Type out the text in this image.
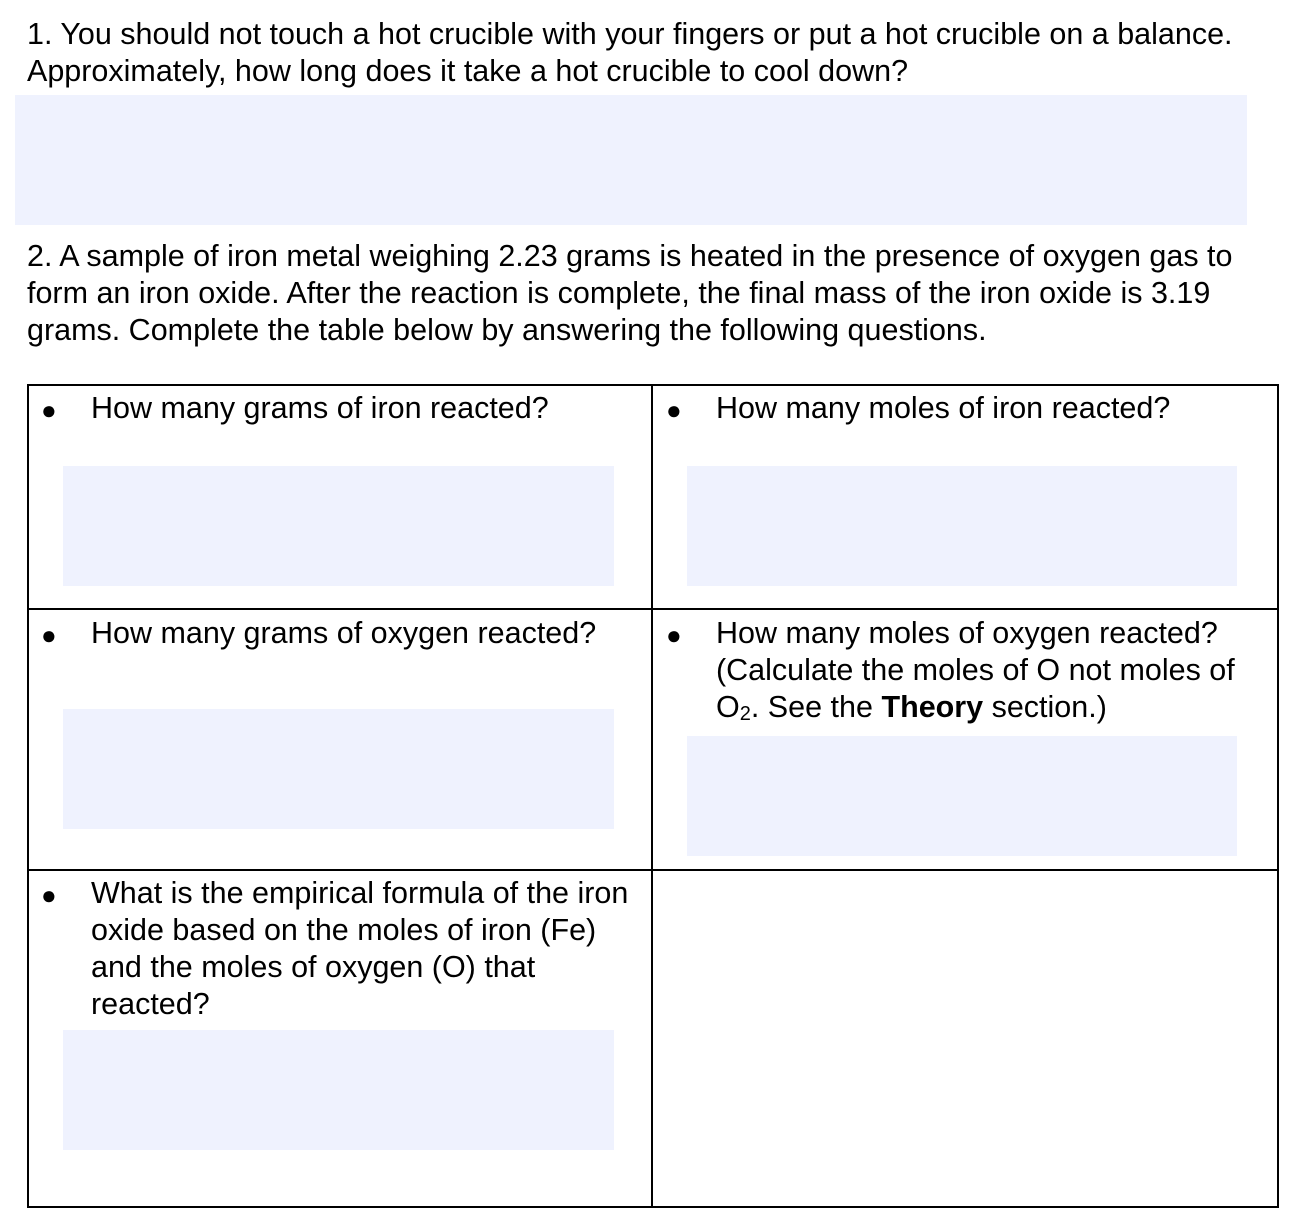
1. You should not touch a hot crucible with your fingers or put a hot crucible on a balance. Approximately, how long does it take a hot crucible to cool down?

2. A sample of iron metal weighing 2.23 grams is heated in the presence of oxygen gas to form an iron oxide. After the reaction is complete, the final mass of the iron oxide is 3.19 grams. Complete the table below by answering the following questions.

● How many grams of iron reacted?	● How many moles of iron reacted?

● How many grams of oxygen reacted?	● How many moles of oxygen reacted? (Calculate the moles of O not moles of $O_2$. See the Theory section.)

● What is the empirical formula of the iron oxide based on the moles of iron (Fe) and the moles of oxygen (O) that reacted?
